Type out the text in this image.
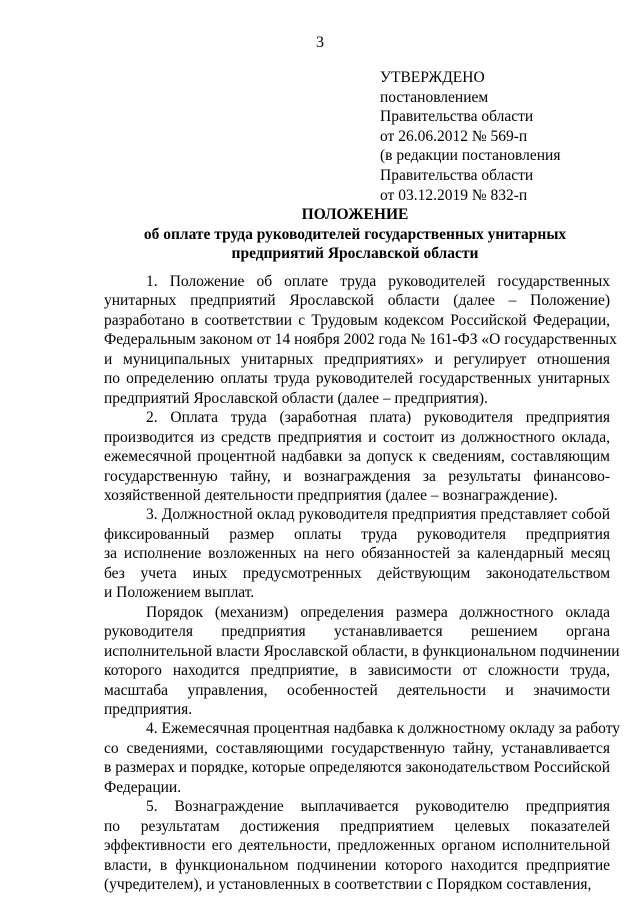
3
УТВЕРЖДЕНО
постановлением
Правительства области
от 26.06.2012 № 569-п
(в редакции постановления
Правительства области
от 03.12.2019 № 832-п
ПОЛОЖЕНИЕ
об оплате труда руководителей государственных унитарных
предприятий Ярославской области
1. Положение об оплате труда руководителей государственных
унитарных предприятий Ярославской области (далее – Положение)
разработано в соответствии с Трудовым кодексом Российской Федерации,
Федеральным законом от 14 ноября 2002 года № 161-ФЗ «О государственных
и муниципальных унитарных предприятиях» и регулирует отношения
по определению оплаты труда руководителей государственных унитарных
предприятий Ярославской области (далее – предприятия).
2. Оплата труда (заработная плата) руководителя предприятия
производится из средств предприятия и состоит из должностного оклада,
ежемесячной процентной надбавки за допуск к сведениям, составляющим
государственную тайну, и вознаграждения за результаты финансово-
хозяйственной деятельности предприятия (далее – вознаграждение).
3. Должностной оклад руководителя предприятия представляет собой
фиксированный размер оплаты труда руководителя предприятия
за исполнение возложенных на него обязанностей за календарный месяц
без учета иных предусмотренных действующим законодательством
и Положением выплат.
Порядок (механизм) определения размера должностного оклада
руководителя предприятия устанавливается решением органа
исполнительной власти Ярославской области, в функциональном подчинении
которого находится предприятие, в зависимости от сложности труда,
масштаба управления, особенностей деятельности и значимости
предприятия.
4. Ежемесячная процентная надбавка к должностному окладу за работу
со сведениями, составляющими государственную тайну, устанавливается
в размерах и порядке, которые определяются законодательством Российской
Федерации.
5. Вознаграждение выплачивается руководителю предприятия
по результатам достижения предприятием целевых показателей
эффективности его деятельности, предложенных органом исполнительной
власти, в функциональном подчинении которого находится предприятие
(учредителем), и установленных в соответствии с Порядком составления,
